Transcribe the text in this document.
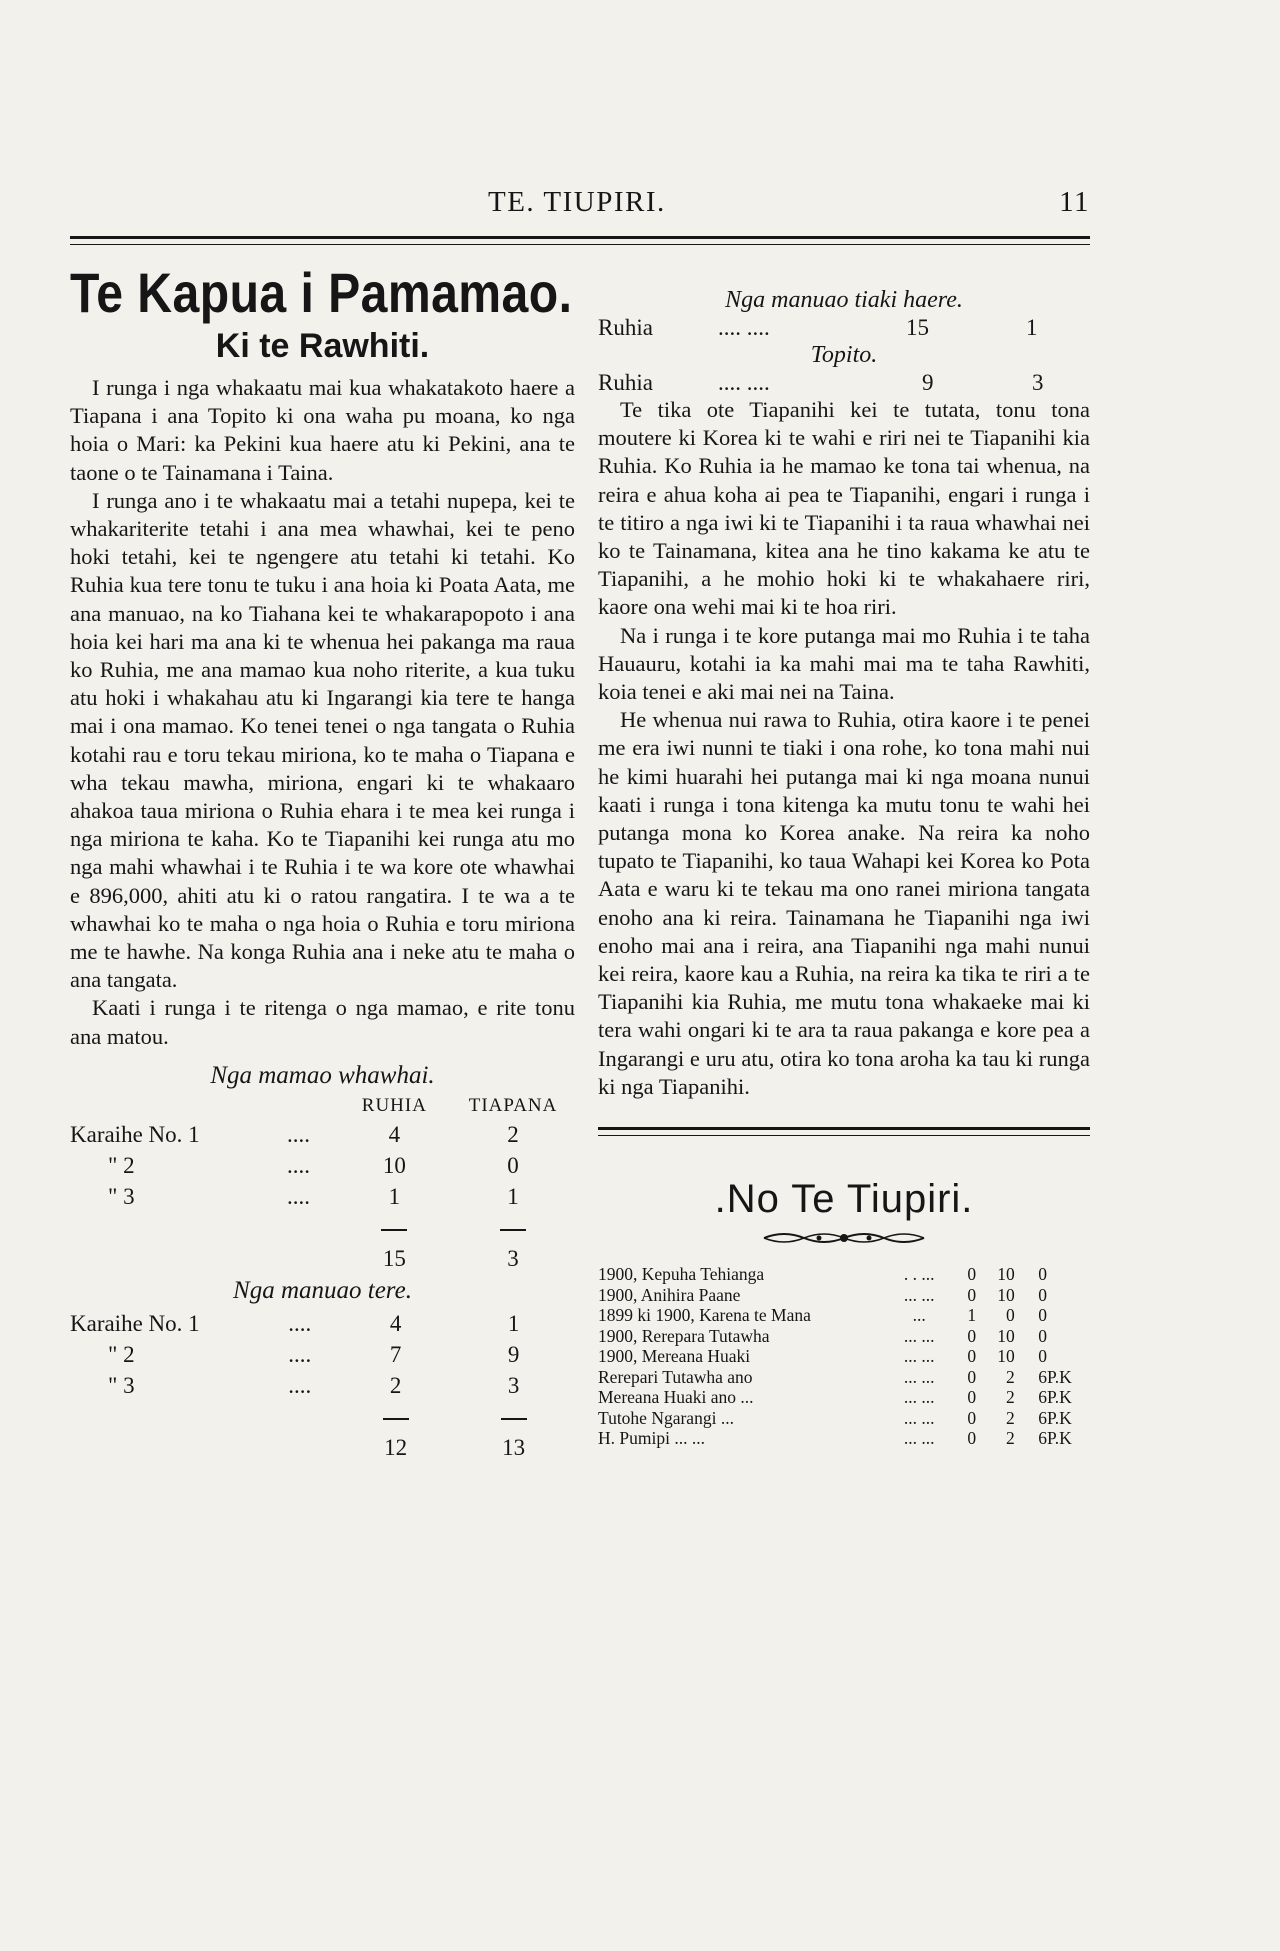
TE. TIUPIRI.	11
Te Kapua i Pamamao.
Ki te Rawhiti.

I runga i nga whakaatu mai kua whakatakoto haere a Tiapana i ana Topito ki ona waha pu moana, ko nga hoia o Mari: ka Pekini kua haere atu ki Pekini, ana te taone o te Tainamana i Taina.

I runga ano i te whakaatu mai a tetahi nupepa, kei te whakariterite tetahi i ana mea whawhai, kei te peno hoki tetahi, kei te ngengere atu tetahi ki tetahi. Ko Ruhia kua tere tonu te tuku i ana hoia ki Poata Aata, me ana manuao, na ko Tiahana kei te whakarapopoto i ana hoia kei hari ma ana ki te whenua hei pakanga ma raua ko Ruhia, me ana mamao kua noho riterite, a kua tuku atu hoki i whakahau atu ki Ingarangi kia tere te hanga mai i ona mamao. Ko tenei tenei o nga tangata o Ruhia kotahi rau e toru tekau miriona, ko te maha o Tiapana e wha tekau mawha, miriona, engari ki te whakaaro ahakoa taua miriona o Ruhia ehara i te mea kei runga i nga miriona te kaha. Ko te Tiapanihi kei runga atu mo nga mahi whawhai i te Ruhia i te wa kore ote whawhai e 896,000, ahiti atu ki o ratou rangatira. I te wa a te whawhai ko te maha o nga hoia o Ruhia e toru miriona me te hawhe. Na konga Ruhia ana i neke atu te maha o ana tangata.

Kaati i runga i te ritenga o nga mamao, e rite tonu ana matou.

Nga mamao whawhai.
		RUHIA	TIAPANA
Karaihe No. 1	....	4	2
" 2	....	10	0
" 3	....	1	1

		15	3
Nga manuao tere.
Karaihe No. 1	....	4	1
" 2	....	7	9
" 3	....	2	3

		12	13
Nga manuao tiaki haere.
Ruhia	.... ....	15	1
Topito.
Ruhia	.... ....	9	3

Te tika ote Tiapanihi kei te tutata, tonu tona moutere ki Korea ki te wahi e riri nei te Tiapanihi kia Ruhia. Ko Ruhia ia he mamao ke tona tai whenua, na reira e ahua koha ai pea te Tiapanihi, engari i runga i te titiro a nga iwi ki te Tiapanihi i ta raua whawhai nei ko te Tainamana, kitea ana he tino kakama ke atu te Tiapanihi, a he mohio hoki ki te whakahaere riri, kaore ona wehi mai ki te hoa riri.

Na i runga i te kore putanga mai mo Ruhia i te taha Hauauru, kotahi ia ka mahi mai ma te taha Rawhiti, koia tenei e aki mai nei na Taina.

He whenua nui rawa to Ruhia, otira kaore i te penei me era iwi nunni te tiaki i ona rohe, ko tona mahi nui he kimi huarahi hei putanga mai ki nga moana nunui kaati i runga i tona kitenga ka mutu tonu te wahi hei putanga mona ko Korea anake. Na reira ka noho tupato te Tiapanihi, ko taua Wahapi kei Korea ko Pota Aata e waru ki te tekau ma ono ranei miriona tangata enoho ana ki reira. Tainamana he Tiapanihi nga iwi enoho mai ana i reira, ana Tiapanihi nga mahi nunui kei reira, kaore kau a Ruhia, na reira ka tika te riri a te Tiapanihi kia Ruhia, me mutu tona whakaeke mai ki tera wahi ongari ki te ara ta raua pakanga e kore pea a Ingarangi e uru atu, otira ko tona aroha ka tau ki runga ki nga Tiapanihi.

.No Te Tiupiri.
1900, Kepuha Tehianga	. . ...	0	10	0	
1900, Anihira Paane	... ...	0	10	0	
1899 ki 1900, Karena te Mana	...	1	0	0	
1900, Rerepara Tutawha	... ...	0	10	0	
1900, Mereana Huaki	... ...	0	10	0	
Rerepari Tutawha ano	... ...	0	2	6	P.K
Mereana Huaki ano ...	... ...	0	2	6	P.K
Tutohe Ngarangi ...	... ...	0	2	6	P.K
H. Pumipi ... ...	... ...	0	2	6	P.K
